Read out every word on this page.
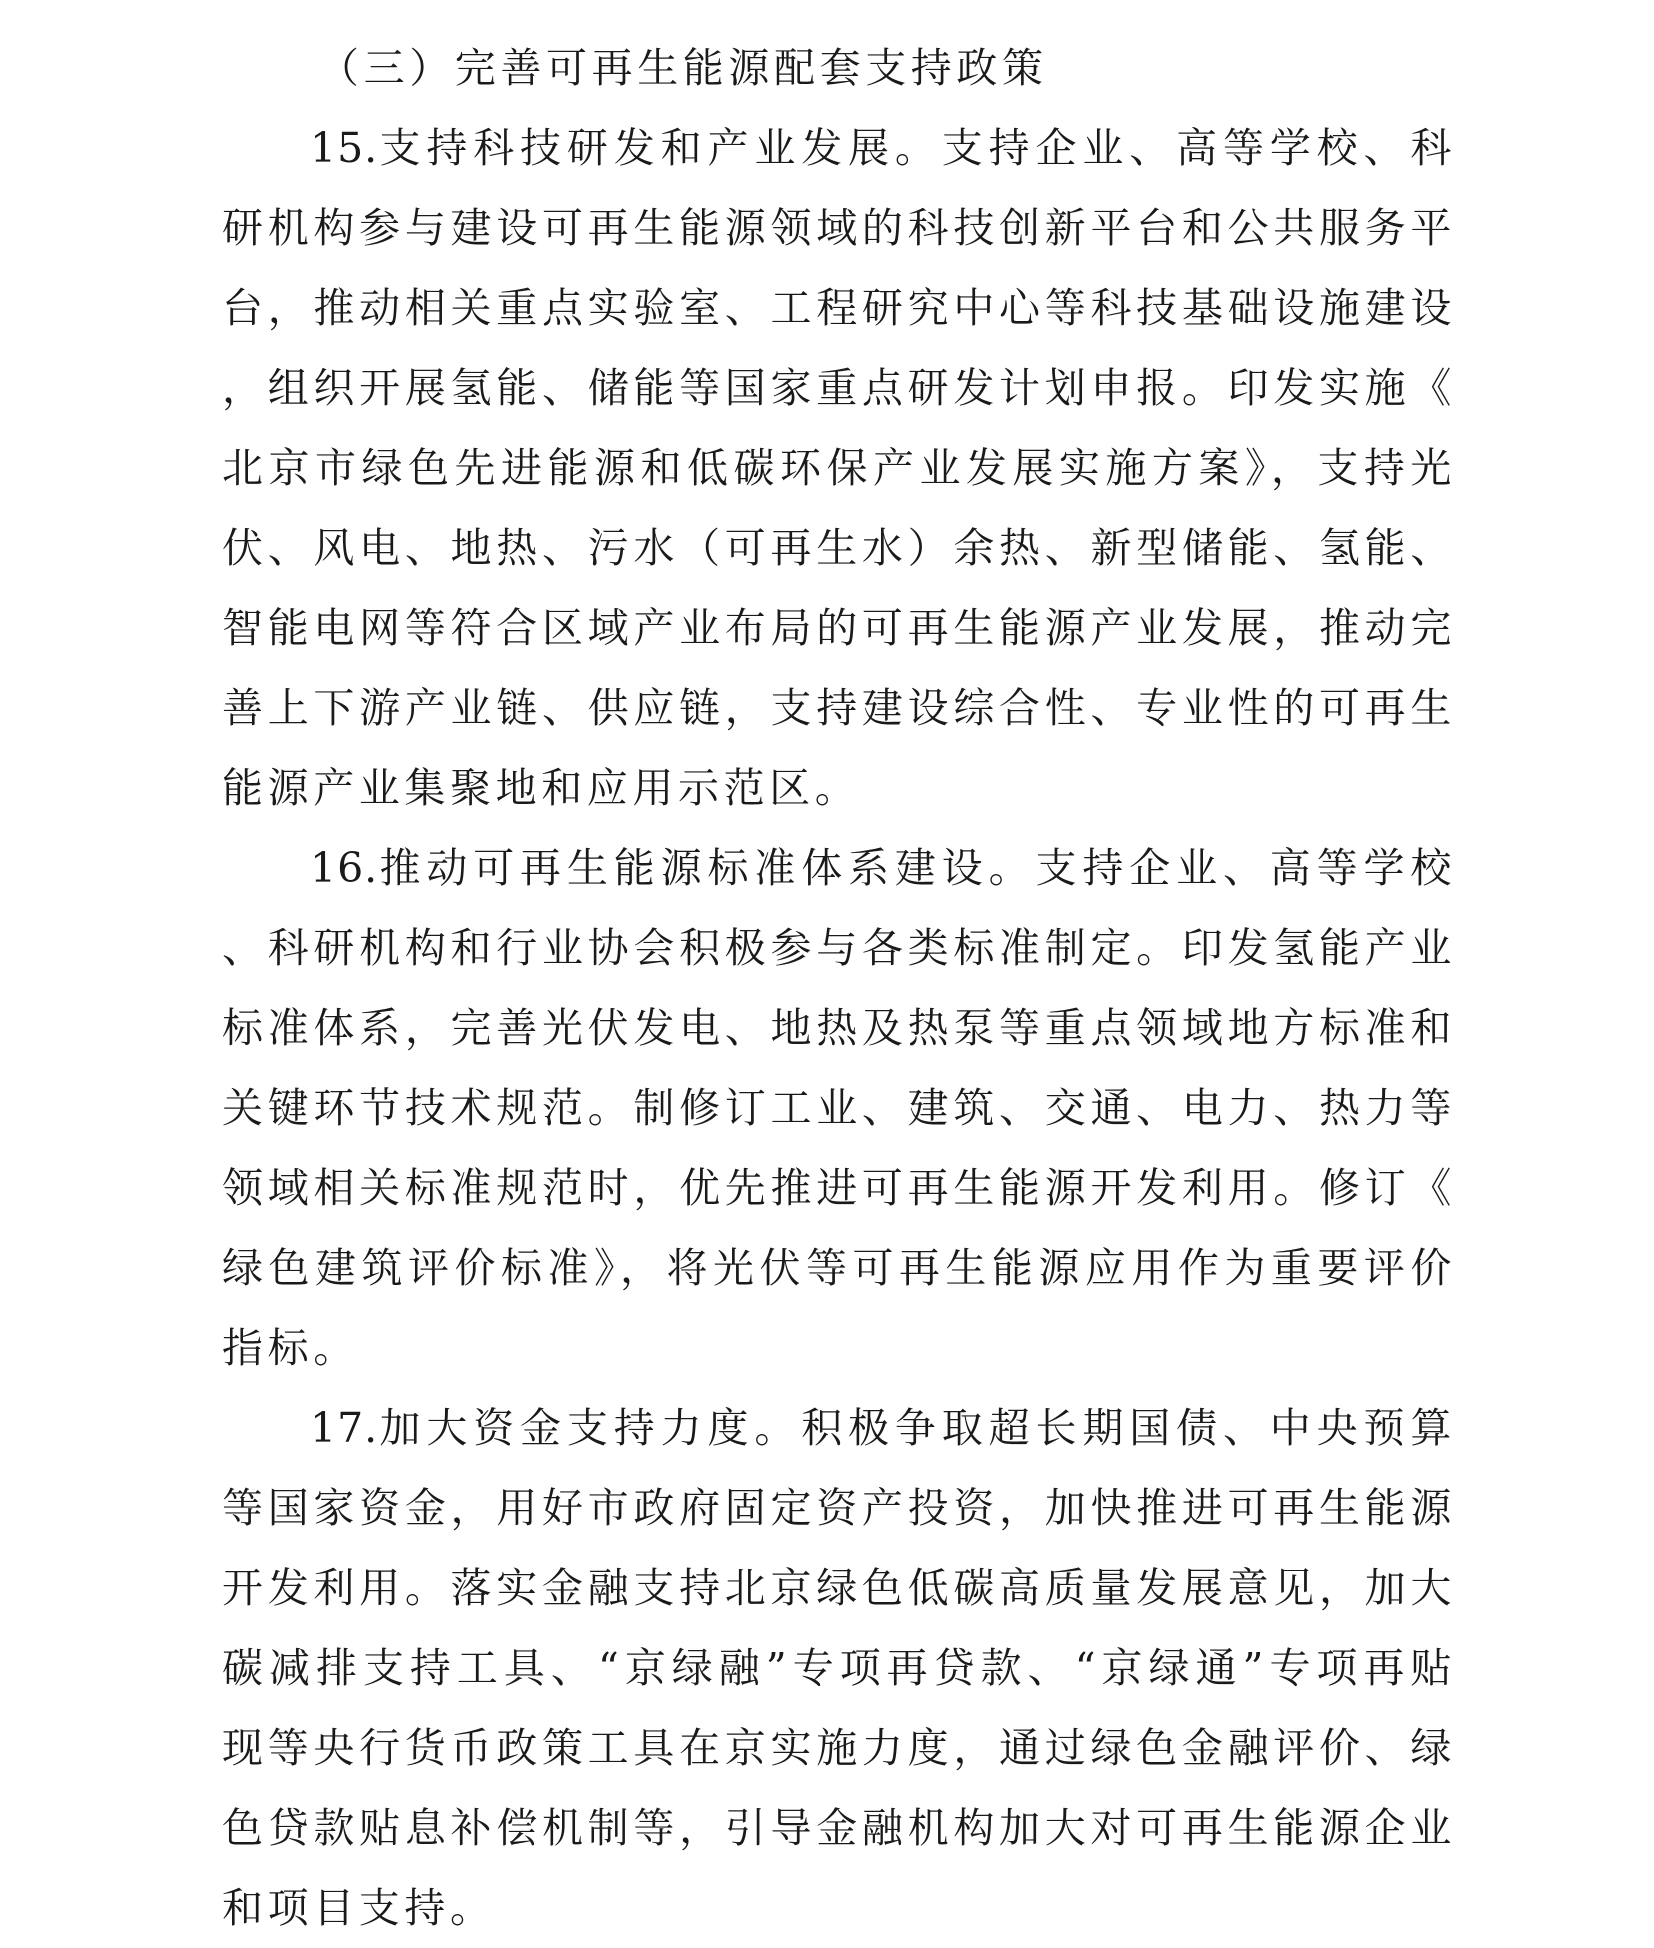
（三）完善可再生能源配套支持政策

15.支持科技研发和产业发展。支持企业、高等学校、科研机构参与建设可再生能源领域的科技创新平台和公共服务平台，推动相关重点实验室、工程研究中心等科技基础设施建设，组织开展氢能、储能等国家重点研发计划申报。印发实施《北京市绿色先进能源和低碳环保产业发展实施方案》，支持光伏、风电、地热、污水（可再生水）余热、新型储能、氢能、智能电网等符合区域产业布局的可再生能源产业发展，推动完善上下游产业链、供应链，支持建设综合性、专业性的可再生能源产业集聚地和应用示范区。

16.推动可再生能源标准体系建设。支持企业、高等学校、科研机构和行业协会积极参与各类标准制定。印发氢能产业标准体系，完善光伏发电、地热及热泵等重点领域地方标准和关键环节技术规范。制修订工业、建筑、交通、电力、热力等领域相关标准规范时，优先推进可再生能源开发利用。修订《绿色建筑评价标准》，将光伏等可再生能源应用作为重要评价指标。

17.加大资金支持力度。积极争取超长期国债、中央预算等国家资金，用好市政府固定资产投资，加快推进可再生能源开发利用。落实金融支持北京绿色低碳高质量发展意见，加大碳减排支持工具、“京绿融”专项再贷款、“京绿通”专项再贴现等央行货币政策工具在京实施力度，通过绿色金融评价、绿色贷款贴息补偿机制等，引导金融机构加大对可再生能源企业和项目支持。
